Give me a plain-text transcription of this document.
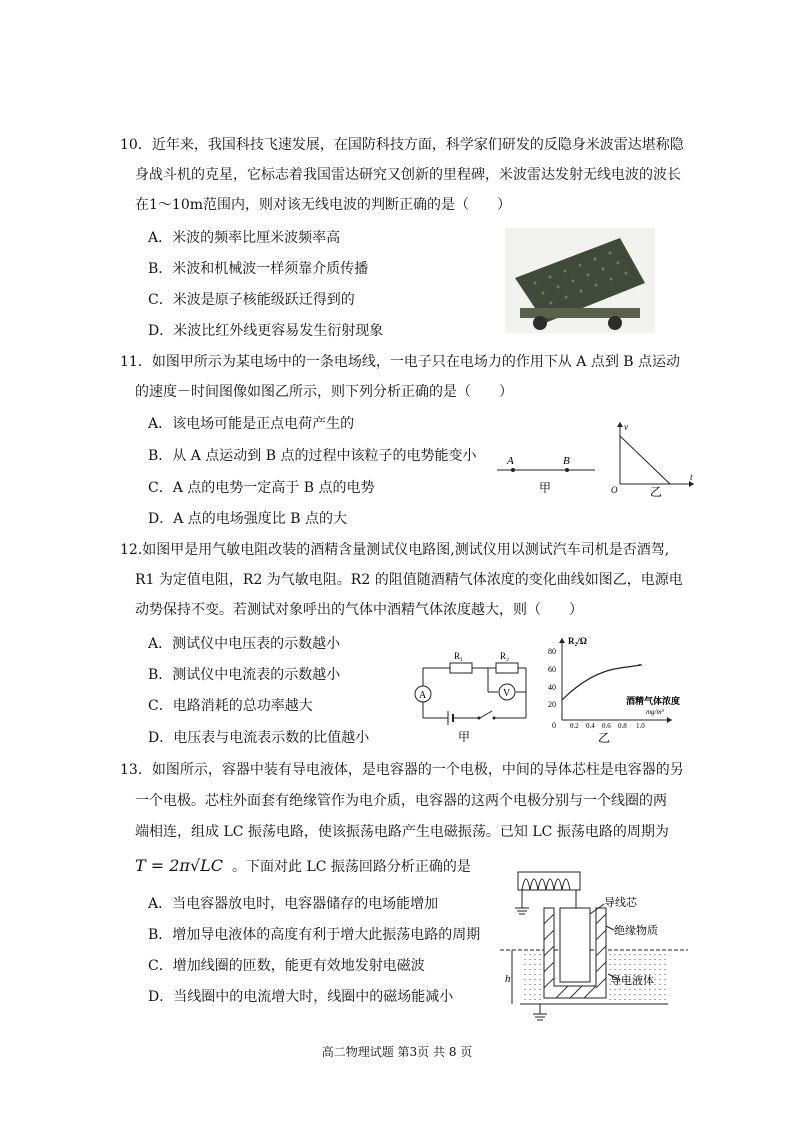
10．近年来，我国科技飞速发展，在国防科技方面，科学家们研发的反隐身米波雷达堪称隐
身战斗机的克星，它标志着我国雷达研究又创新的里程碑，米波雷达发射无线电波的波长
在1～10m范围内，则对该无线电波的判断正确的是（　　）
A．米波的频率比厘米波频率高
B．米波和机械波一样须靠介质传播
C．米波是原子核能级跃迁得到的
D．米波比红外线更容易发生衍射现象
11．如图甲所示为某电场中的一条电场线，一电子只在电场力的作用下从 A 点到 B 点运动
的速度－时间图像如图乙所示，则下列分析正确的是（　　）
A．该电场可能是正点电荷产生的
B．从 A 点运动到 B 点的过程中该粒子的电势能变小
C．A 点的电势一定高于 B 点的电势
D．A 点的电场强度比 B 点的大
A	B
甲
v
t
O	乙
12.如图甲是用气敏电阻改装的酒精含量测试仪电路图,测试仪用以测试汽车司机是否酒驾,
R1 为定值电阻，R2 为气敏电阻。R2 的阻值随酒精气体浓度的变化曲线如图乙，电源电
动势保持不变。若测试对象呼出的气体中酒精气体浓度越大，则（　　）
A．测试仪中电压表的示数越小
B．测试仪中电流表的示数越小
C．电路消耗的总功率越大
D．电压表与电流表示数的比值越小
R₁	R₂
A	V
甲
R₂/Ω
80
60
40
20
0 0.2 0.4 0.6 0.8 1.0
酒精气体浓度
mg/m³
乙
13．如图所示，容器中装有导电液体，是电容器的一个电极，中间的导体芯柱是电容器的另
一个电极。芯柱外面套有绝缘管作为电介质，电容器的这两个电极分别与一个线圈的两
端相连，组成 LC 振荡电路，使该振荡电路产生电磁振荡。已知 LC 振荡电路的周期为
T = 2π√LC 。下面对此 LC 振荡回路分析正确的是
A．当电容器放电时，电容器储存的电场能增加
B．增加导电液体的高度有利于增大此振荡电路的周期
C．增加线圈的匝数，能更有效地发射电磁波
D．当线圈中的电流增大时，线圈中的磁场能减小
h
导线芯
绝缘物质
导电液体
高二物理试题 第3页 共 8 页
